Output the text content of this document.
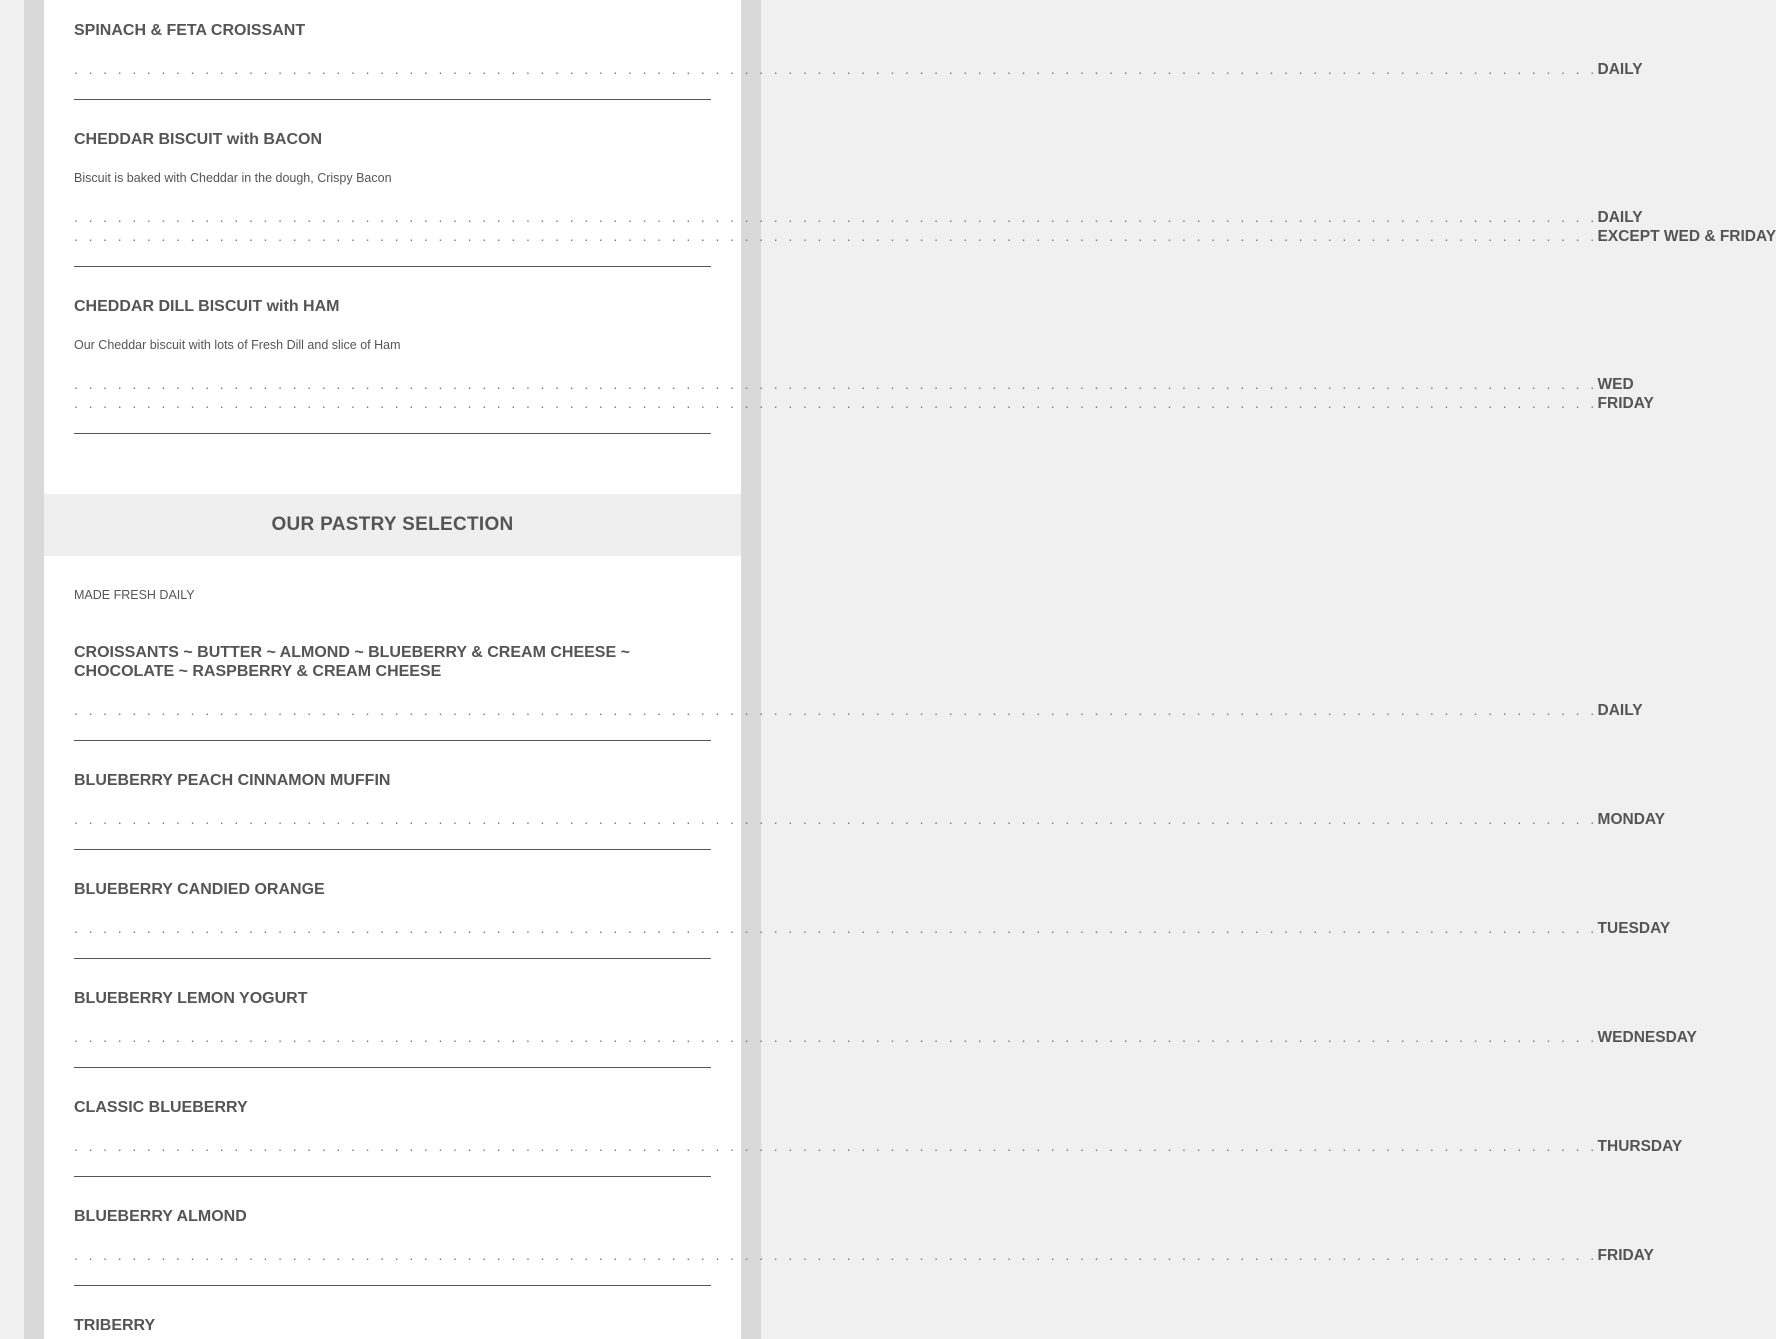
SPINACH & FETA CROISSANT
. . . . . . . . . . . . . . . . . . . . . . . . . . . . . . . . . . . . . . . . . . . . . . . . . . . . . . . . . . . . . . . . . . . . . . . . . . . . . . . . . . . . . . . . . . . . . . . . . . . . . . . . . DAILY
CHEDDAR BISCUIT with BACON
Biscuit is baked with Cheddar in the dough, Crispy Bacon
. . . . . . . . . . . . . . . . . . . . . . . . . . . . . . . . . . . . . . . . . . . . . . . . . . . . . . . . . . . . . . . . . . . . . . . . . . . . . . . . . . . . . . . . . . . . . . . . . . . . . . . . . DAILY
. . . . . . . . . . . . . . . . . . . . . . . . . . . . . . . . . . . . . . . . . . . . . . . . . . . . . . . . . . . . . . . . . . . . . . . . . . . . . . . . . . . . . . . . . . . . . . . . . . . . . . . . . EXCEPT WED & FRIDAY
CHEDDAR DILL BISCUIT with HAM
Our Cheddar biscuit with lots of Fresh Dill and slice of Ham
. . . . . . . . . . . . . . . . . . . . . . . . . . . . . . . . . . . . . . . . . . . . . . . . . . . . . . . . . . . . . . . . . . . . . . . . . . . . . . . . . . . . . . . . . . . . . . . . . . . . . . . . . WED
. . . . . . . . . . . . . . . . . . . . . . . . . . . . . . . . . . . . . . . . . . . . . . . . . . . . . . . . . . . . . . . . . . . . . . . . . . . . . . . . . . . . . . . . . . . . . . . . . . . . . . . . . FRIDAY
OUR PASTRY SELECTION
MADE FRESH DAILY
CROISSANTS ~ BUTTER ~ ALMOND ~ BLUEBERRY & CREAM CHEESE ~ CHOCOLATE ~ RASPBERRY & CREAM CHEESE
. . . . . . . . . . . . . . . . . . . . . . . . . . . . . . . . . . . . . . . . . . . . . . . . . . . . . . . . . . . . . . . . . . . . . . . . . . . . . . . . . . . . . . . . . . . . . . . . . . . . . . . . . DAILY
BLUEBERRY PEACH CINNAMON MUFFIN
. . . . . . . . . . . . . . . . . . . . . . . . . . . . . . . . . . . . . . . . . . . . . . . . . . . . . . . . . . . . . . . . . . . . . . . . . . . . . . . . . . . . . . . . . . . . . . . . . . . . . . . . . MONDAY
BLUEBERRY CANDIED ORANGE
. . . . . . . . . . . . . . . . . . . . . . . . . . . . . . . . . . . . . . . . . . . . . . . . . . . . . . . . . . . . . . . . . . . . . . . . . . . . . . . . . . . . . . . . . . . . . . . . . . . . . . . . . TUESDAY
BLUEBERRY LEMON YOGURT
. . . . . . . . . . . . . . . . . . . . . . . . . . . . . . . . . . . . . . . . . . . . . . . . . . . . . . . . . . . . . . . . . . . . . . . . . . . . . . . . . . . . . . . . . . . . . . . . . . . . . . . . . WEDNESDAY
CLASSIC BLUEBERRY
. . . . . . . . . . . . . . . . . . . . . . . . . . . . . . . . . . . . . . . . . . . . . . . . . . . . . . . . . . . . . . . . . . . . . . . . . . . . . . . . . . . . . . . . . . . . . . . . . . . . . . . . . THURSDAY
BLUEBERRY ALMOND
. . . . . . . . . . . . . . . . . . . . . . . . . . . . . . . . . . . . . . . . . . . . . . . . . . . . . . . . . . . . . . . . . . . . . . . . . . . . . . . . . . . . . . . . . . . . . . . . . . . . . . . . . FRIDAY
TRIBERRY
